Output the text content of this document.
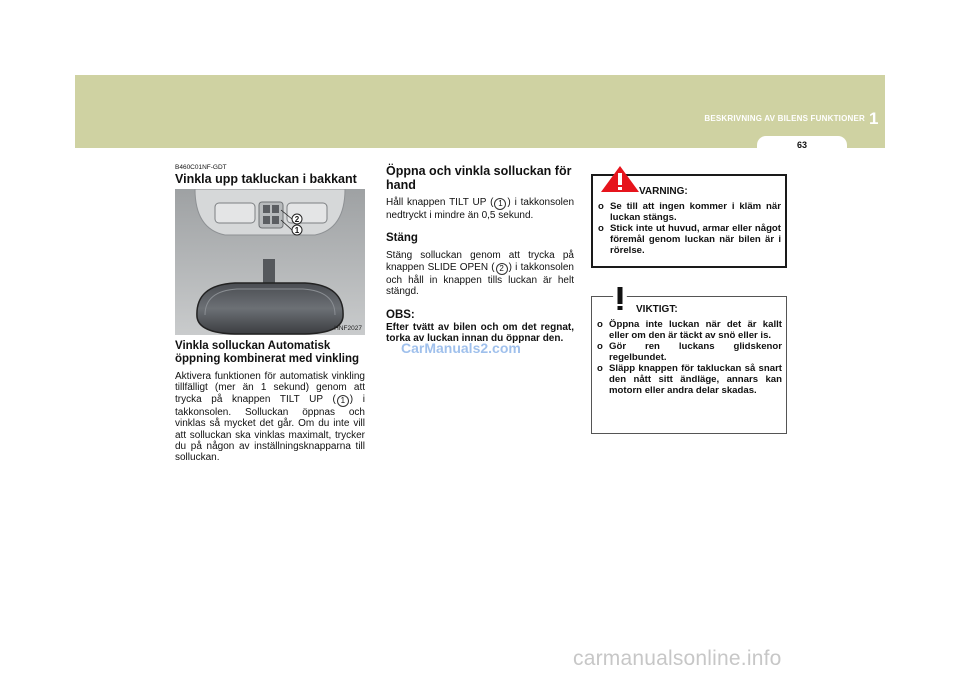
BESKRIVNING AV BILENS FUNKTIONER 1
63
B460C01NF-GDT
Vinkla upp takluckan i bakkant
2
1
HNF2027
Vinkla solluckan Automatisk öppning kombinerat med vinkling

Aktivera funktionen för automatisk vinkling tillfälligt (mer än 1 sekund) genom att trycka på knappen TILT UP ( 1 ) i takkonsolen. Solluckan öppnas och vinklas så mycket det går. Om du inte vill att solluckan ska vinklas maximalt, trycker du på någon av inställningsknapparna till solluckan.

Öppna och vinkla solluckan för hand

Håll knappen TILT UP ( 1 ) i takkonsolen nedtryckt i mindre än 0,5 sekund.

Stäng

Stäng solluckan genom att trycka på knappen SLIDE OPEN ( 2 ) i takkonsolen och håll in knappen tills luckan är helt stängd.

OBS:

Efter tvätt av bilen och om det regnat, torka av luckan innan du öppnar den.

CarManuals2.com
VARNING:
o Se till att ingen kommer i kläm när luckan stängs.
o Stick inte ut huvud, armar eller något föremål genom luckan när bilen är i rörelse.
VIKTIGT:
o Öppna inte luckan när det är kallt eller om den är täckt av snö eller is.
o Gör ren luckans glidskenor regelbundet.
o Släpp knappen för takluckan så snart den nått sitt ändläge, annars kan motorn eller andra delar skadas.
carmanualsonline.info
